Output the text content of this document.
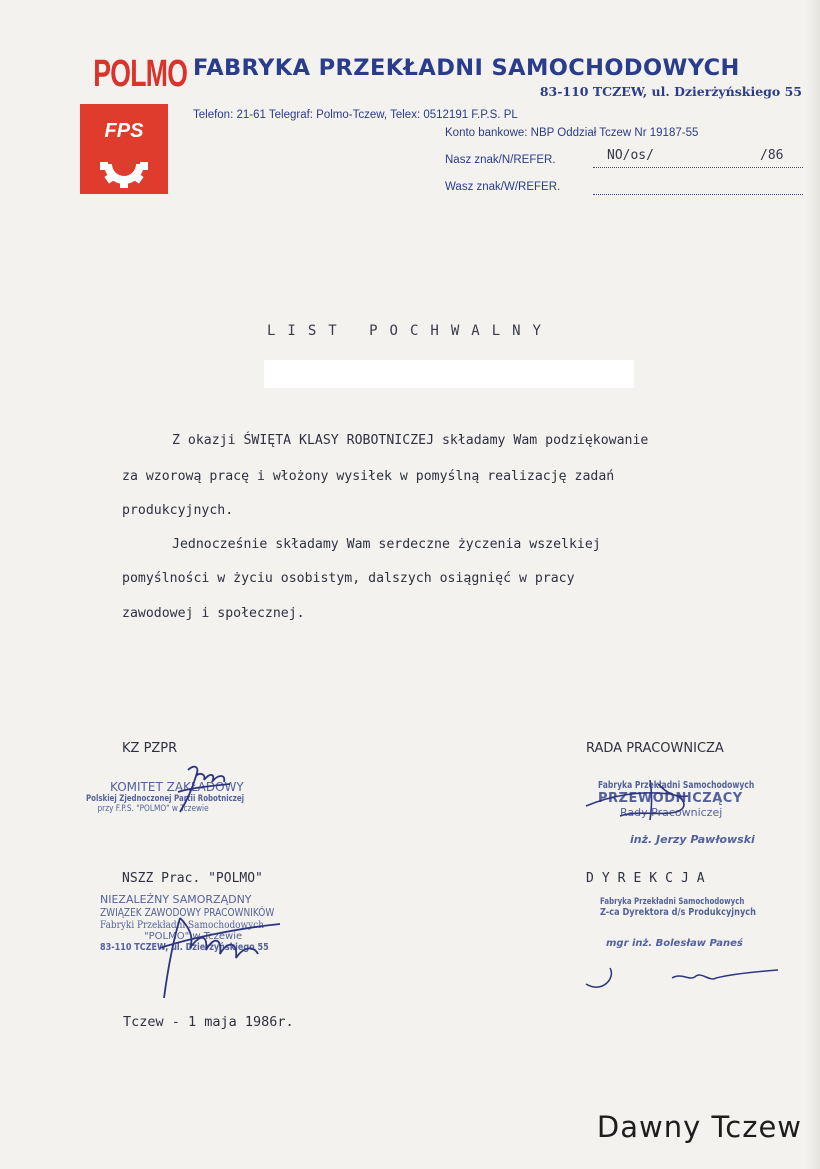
POLMO
FPS
FABRYKA PRZEKŁADNI SAMOCHODOWYCH
83-110 TCZEW, ul. Dzierżyńskiego 55
Telefon: 21-61 Telegraf: Polmo-Tczew, Telex: 0512191 F.P.S. PL
Konto bankowe: NBP Oddział Tczew Nr 19187-55
Nasz znak/N/REFER.	NO/os/	/86
Wasz znak/W/REFER.
LIST POCHWALNY
Z okazji ŚWIĘTA KLASY ROBOTNICZEJ składamy Wam podziękowanie
za wzorową pracę i włożony wysiłek w pomyślną realizację zadań
produkcyjnych.
Jednocześnie składamy Wam serdeczne życzenia wszelkiej
pomyślności w życiu osobistym, dalszych osiągnięć w pracy
zawodowej i społecznej.
KZ PZPR
KOMITET ZAKŁADOWY
Polskiej Zjednoczonej Partii Robotniczej
przy F.P.S. "POLMO" w Tczewie
RADA PRACOWNICZA
Fabryka Przekładni Samochodowych
PRZEWODNICZĄCY
Rady Pracowniczej
inż. Jerzy Pawłowski
NSZZ Prac. "POLMO"
NIEZALEŻNY SAMORZĄDNY
ZWIĄZEK ZAWODOWY PRACOWNIKÓW
Fabryki Przekładni Samochodowych
"POLMO" w Tczewie
83-110 TCZEW, ul. Dzierżyńskiego 55
DYREKCJA
Fabryka Przekładni Samochodowych
Z-ca Dyrektora d/s Produkcyjnych
mgr inż. Bolesław Paneś
Tczew - 1 maja 1986r.
Dawny Tczew
